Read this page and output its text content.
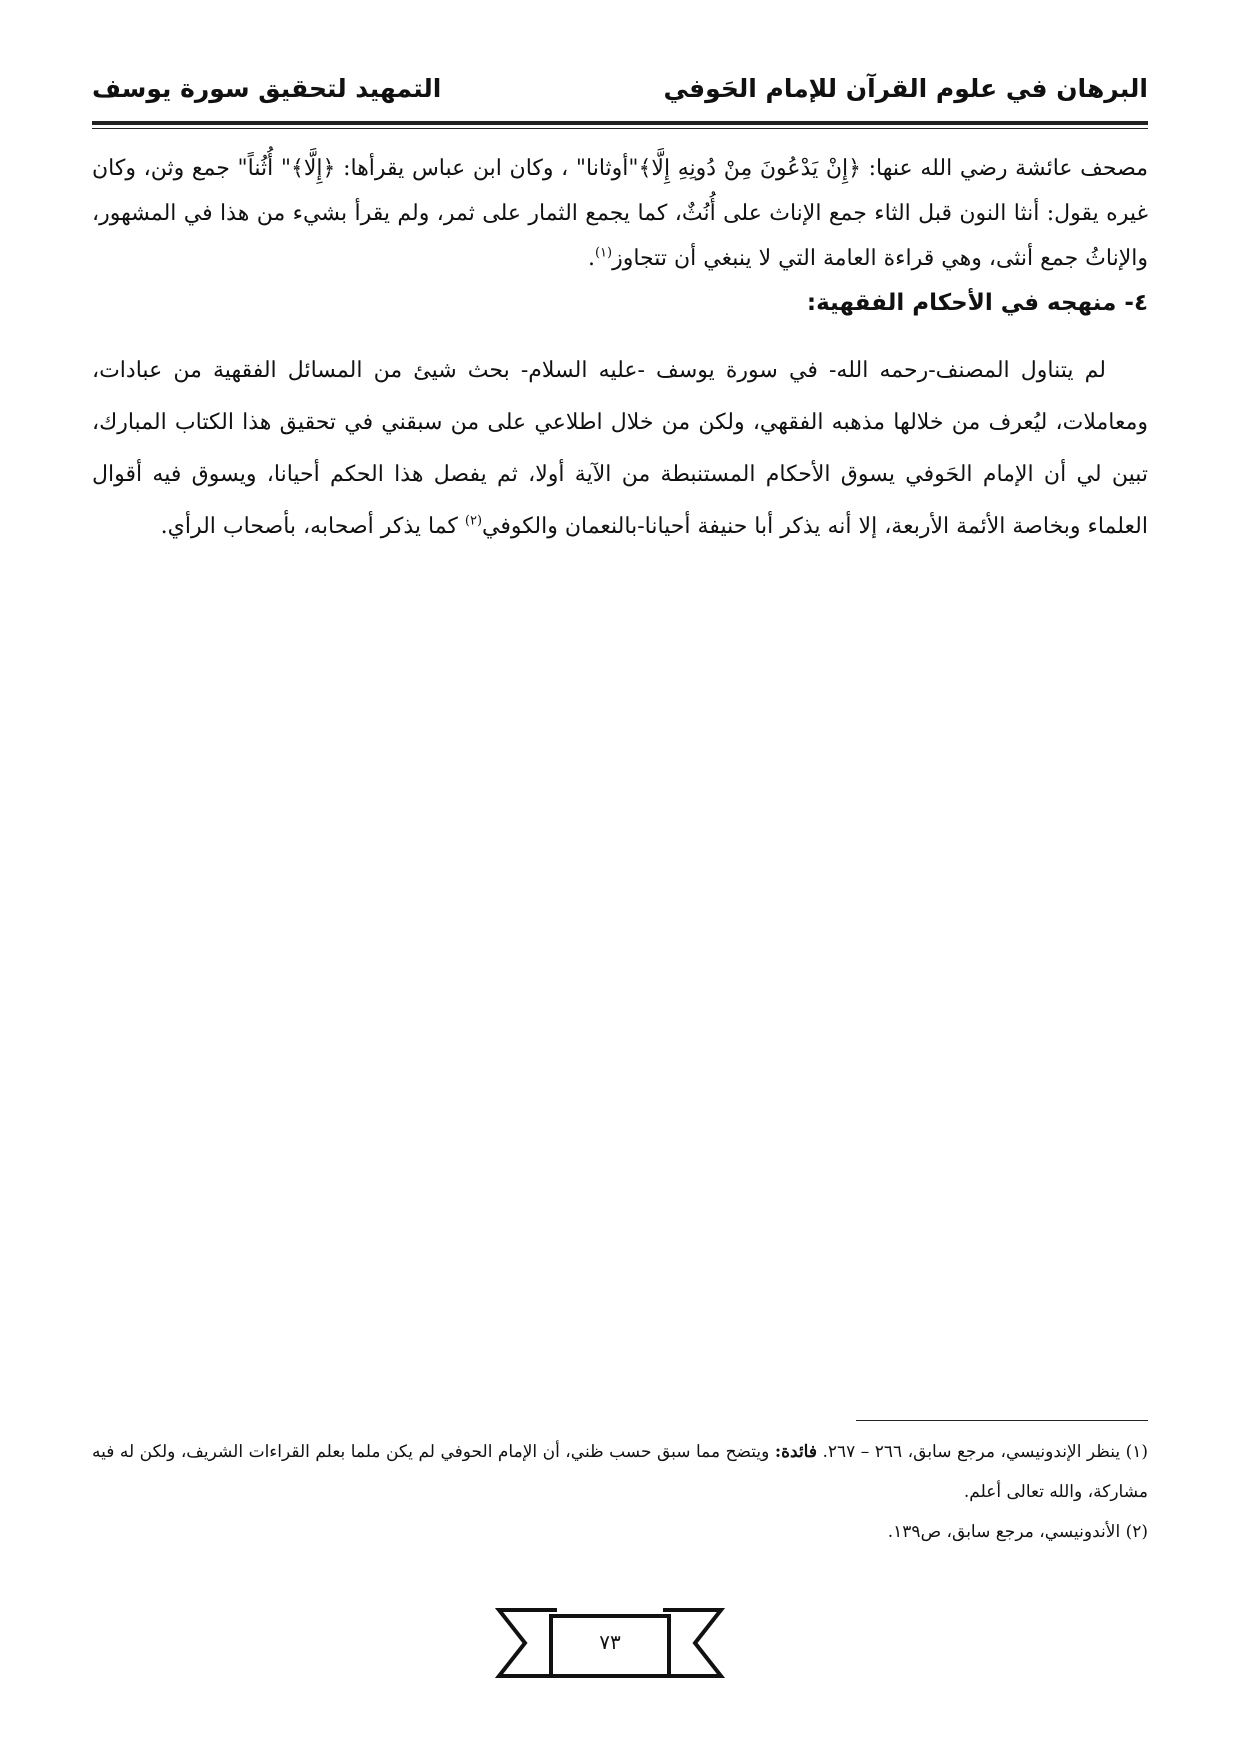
البرهان في علوم القرآن للإمام الحَوفي
التمهيد لتحقيق سورة يوسف

مصحف عائشة رضي الله عنها: ﴿إِنْ يَدْعُونَ مِنْ دُونِهِ إِلَّا﴾"أوثانا" ، وكان ابن عباس يقرأها: ﴿إِلَّا﴾" أُثُناً" جمع وثن، وكان غيره يقول: أنثا النون قبل الثاء جمع الإناث على أُنُثٌ، كما يجمع الثمار على ثمر، ولم يقرأ بشيء من هذا في المشهور، والإناثُ جمع أنثى، وهي قراءة العامة التي لا ينبغي أن تتجاوز$^{(١)}$.

٤- منهجه في الأحكام الفقهية:

لم يتناول المصنف-رحمه الله- في سورة يوسف -عليه السلام- بحث شيئ من المسائل الفقهية من عبادات، ومعاملات، ليُعرف من خلالها مذهبه الفقهي، ولكن من خلال اطلاعي على من سبقني في تحقيق هذا الكتاب المبارك، تبين لي أن الإمام الحَوفي يسوق الأحكام المستنبطة من الآية أولا، ثم يفصل هذا الحكم أحيانا، ويسوق فيه أقوال العلماء وبخاصة الأئمة الأربعة، إلا أنه يذكر أبا حنيفة أحيانا-بالنعمان والكوفي$^{(٢)}$ كما يذكر أصحابه، بأصحاب الرأي.

(١) ينظر الإندونيسي، مرجع سابق، ٢٦٦ – ٢٦٧. فائدة: ويتضح مما سبق حسب ظني، أن الإمام الحوفي لم يكن ملما بعلم القراءات الشريف، ولكن له فيه مشاركة، والله تعالى أعلم.

(٢) الأندونيسي، مرجع سابق، ص١٣٩.

٧٣
